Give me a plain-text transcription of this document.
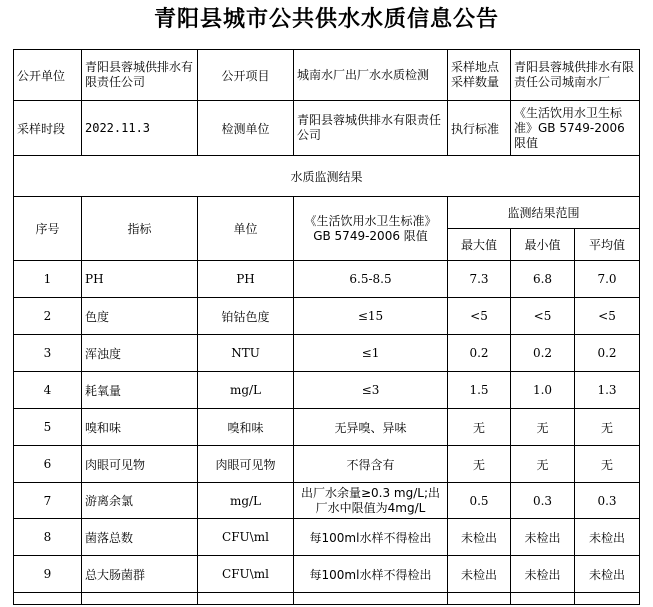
青阳县城市公共供水水质信息公告
公开单位	青阳县蓉城供排水有限责任公司	公开项目	城南水厂出厂水水质检测	采样地点采样数量	青阳县蓉城供排水有限责任公司城南水厂	
采样时段	2022.11.3	检测单位	青阳县蓉城供排水有限责任公司	执行标准	《生活饮用水卫生标准》GB 5749-2006 限值	
水质监测结果						
序号	指标	单位	《生活饮用水卫生标准》GB 5749-2006 限值	监测结果范围		
				最大值	最小值	平均值
1	PH	PH	6.5-8.5	7.3	6.8	7.0
2	色度	铂钴色度	≤15	<5	<5	<5
3	浑浊度	NTU	≤1	0.2	0.2	0.2
4	耗氧量	mg/L	≤3	1.5	1.0	1.3
5	嗅和味	嗅和味	无异嗅、异味	无	无	无
6	肉眼可见物	肉眼可见物	不得含有	无	无	无
7	游离余氯	mg/L	出厂水余量≥0.3 mg/L;出厂水中限值为4mg/L	0.5	0.3	0.3
8	菌落总数	CFU\ml	每100ml水样不得检出	未检出	未检出	未检出
9	总大肠菌群	CFU\ml	每100ml水样不得检出	未检出	未检出	未检出
